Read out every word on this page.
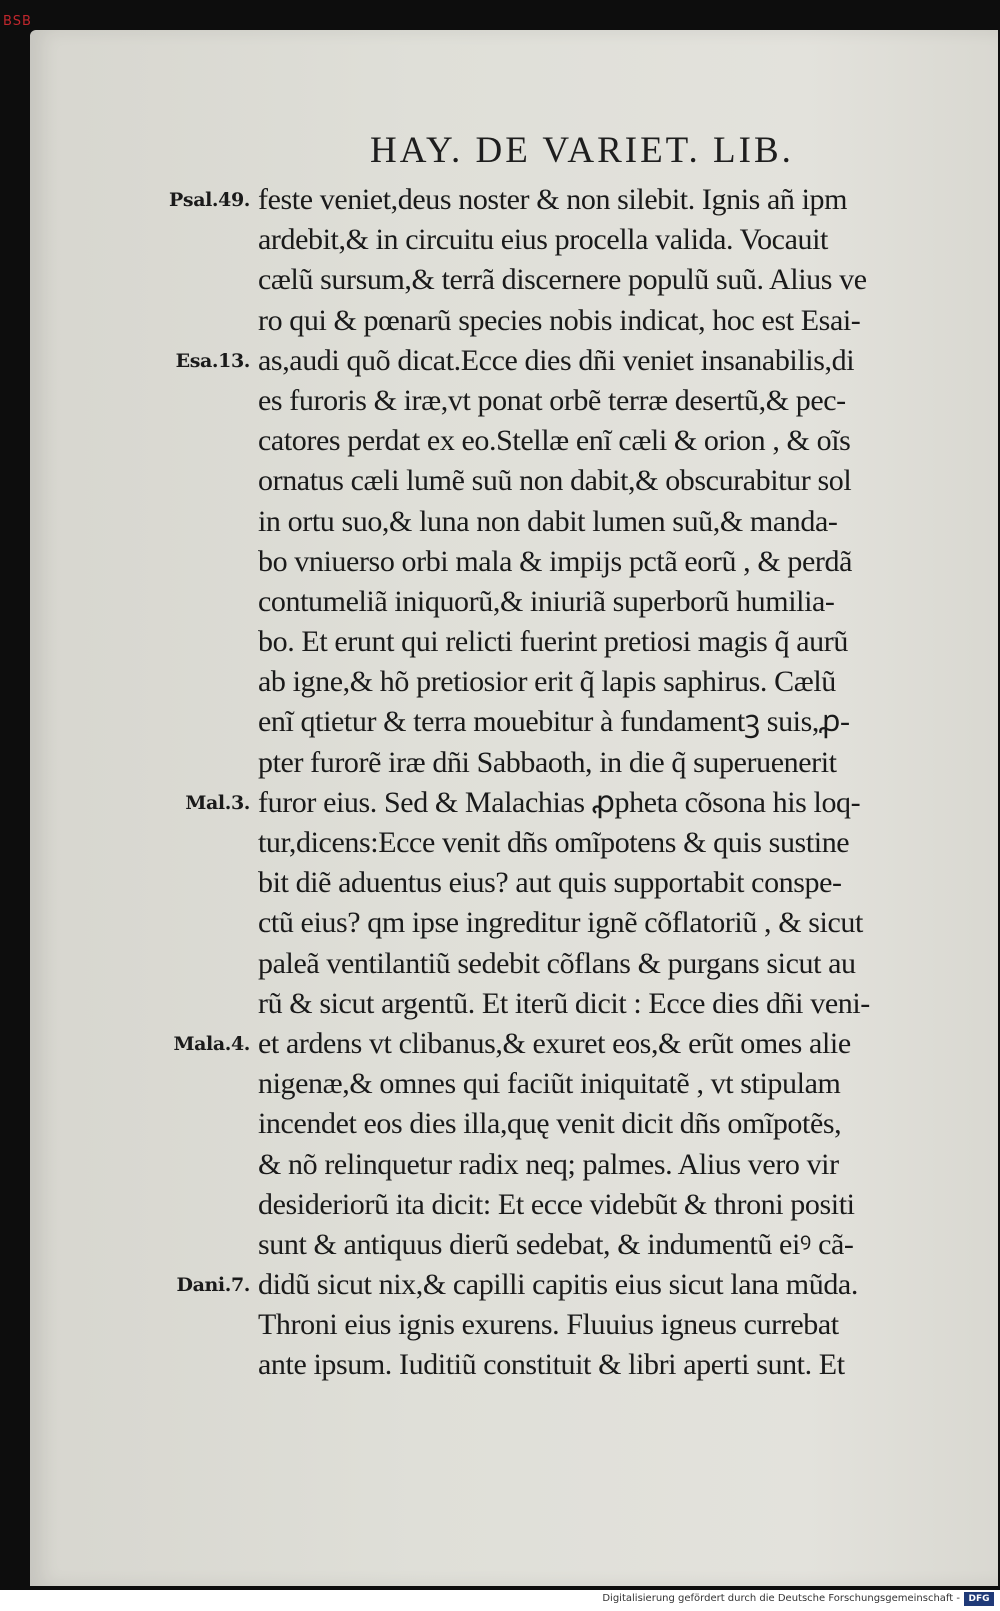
BSB
HAY. DE VARIET. LIB.
Psal.49. feste veniet,deus noster & non silebit. Ignis añ ipm
ardebit,& in circuitu eius procella valida. Vocauit
cælũ sursum,& terrã discernere populũ suũ. Alius ve
ro qui & pœnarũ species nobis indicat, hoc est Esai-
Esa.13. as,audi quõ dicat.Ecce dies dñi veniet insanabilis,di
es furoris & iræ,vt ponat orbẽ terræ desertũ,& pec-
catores perdat ex eo.Stellæ enĩ cæli & orion , & oĩs
ornatus cæli lumẽ suũ non dabit,& obscurabitur sol
in ortu suo,& luna non dabit lumen suũ,& manda-
bo vniuerso orbi mala & impijs pctã eorũ , & perdã
contumeliã iniquorũ,& iniuriã superborũ humilia-
bo. Et erunt qui relicti fuerint pretiosi magis q̃ aurũ
ab igne,& hõ pretiosior erit q̃ lapis saphirus. Cælũ
enĩ qtietur & terra mouebitur à fundamentꝫ suis,ꝓ-
pter furorẽ iræ dñi Sabbaoth, in die q̃ superuenerit
Mal.3. furor eius. Sed & Malachias ꝓpheta cõsona his loq-
tur,dicens:Ecce venit dñs omĩpotens & quis sustine
bit diẽ aduentus eius? aut quis supportabit conspe-
ctũ eius? qm ipse ingreditur ignẽ cõflatoriũ , & sicut
paleã ventilantiũ sedebit cõflans & purgans sicut au
rũ & sicut argentũ. Et iterũ dicit : Ecce dies dñi veni-
Mala.4. et ardens vt clibanus,& exuret eos,& erũt omes alie
nigenæ,& omnes qui faciũt iniquitatẽ , vt stipulam
incendet eos dies illa,quę venit dicit dñs omĩpotẽs,
& nõ relinquetur radix neq; palmes. Alius vero vir
desideriorũ ita dicit: Et ecce videbũt & throni positi
sunt & antiquus dierũ sedebat, & indumentũ eiꝰ cã-
Dani.7. didũ sicut nix,& capilli capitis eius sicut lana mũda.
Throni eius ignis exurens. Fluuius igneus currebat
ante ipsum. Iuditiũ constituit & libri aperti sunt. Et
Digitalisierung gefördert durch die Deutsche Forschungsgemeinschaft - DFG
